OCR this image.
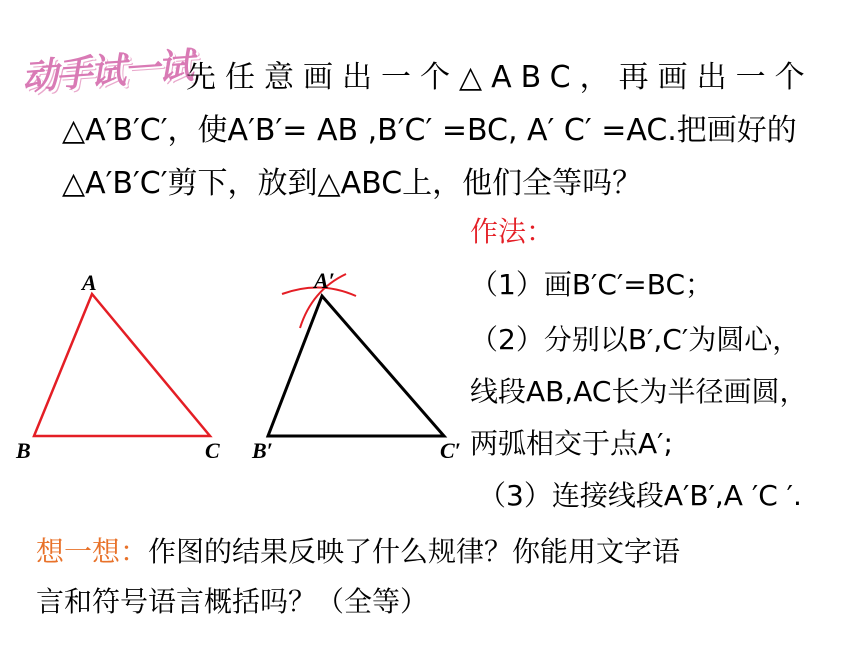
动手试一试
先任意画出一个△ABC，再画出一个
△A′B′C′，使A′B′= AB ,B′C′ =BC, A′ C′ =AC.把画好的
△A′B′C′剪下，放到△ABC上，他们全等吗？
作法：
（1）画B′C′=BC；
（2）分别以B′,C′为圆心，
线段AB,AC长为半径画圆，
两弧相交于点A′;
（3）连接线段A′B′,A ′C ′.
想一想：作图的结果反映了什么规律？你能用文字语
言和符号语言概括吗？（全等）
A
B	C
A′
B′	C′
